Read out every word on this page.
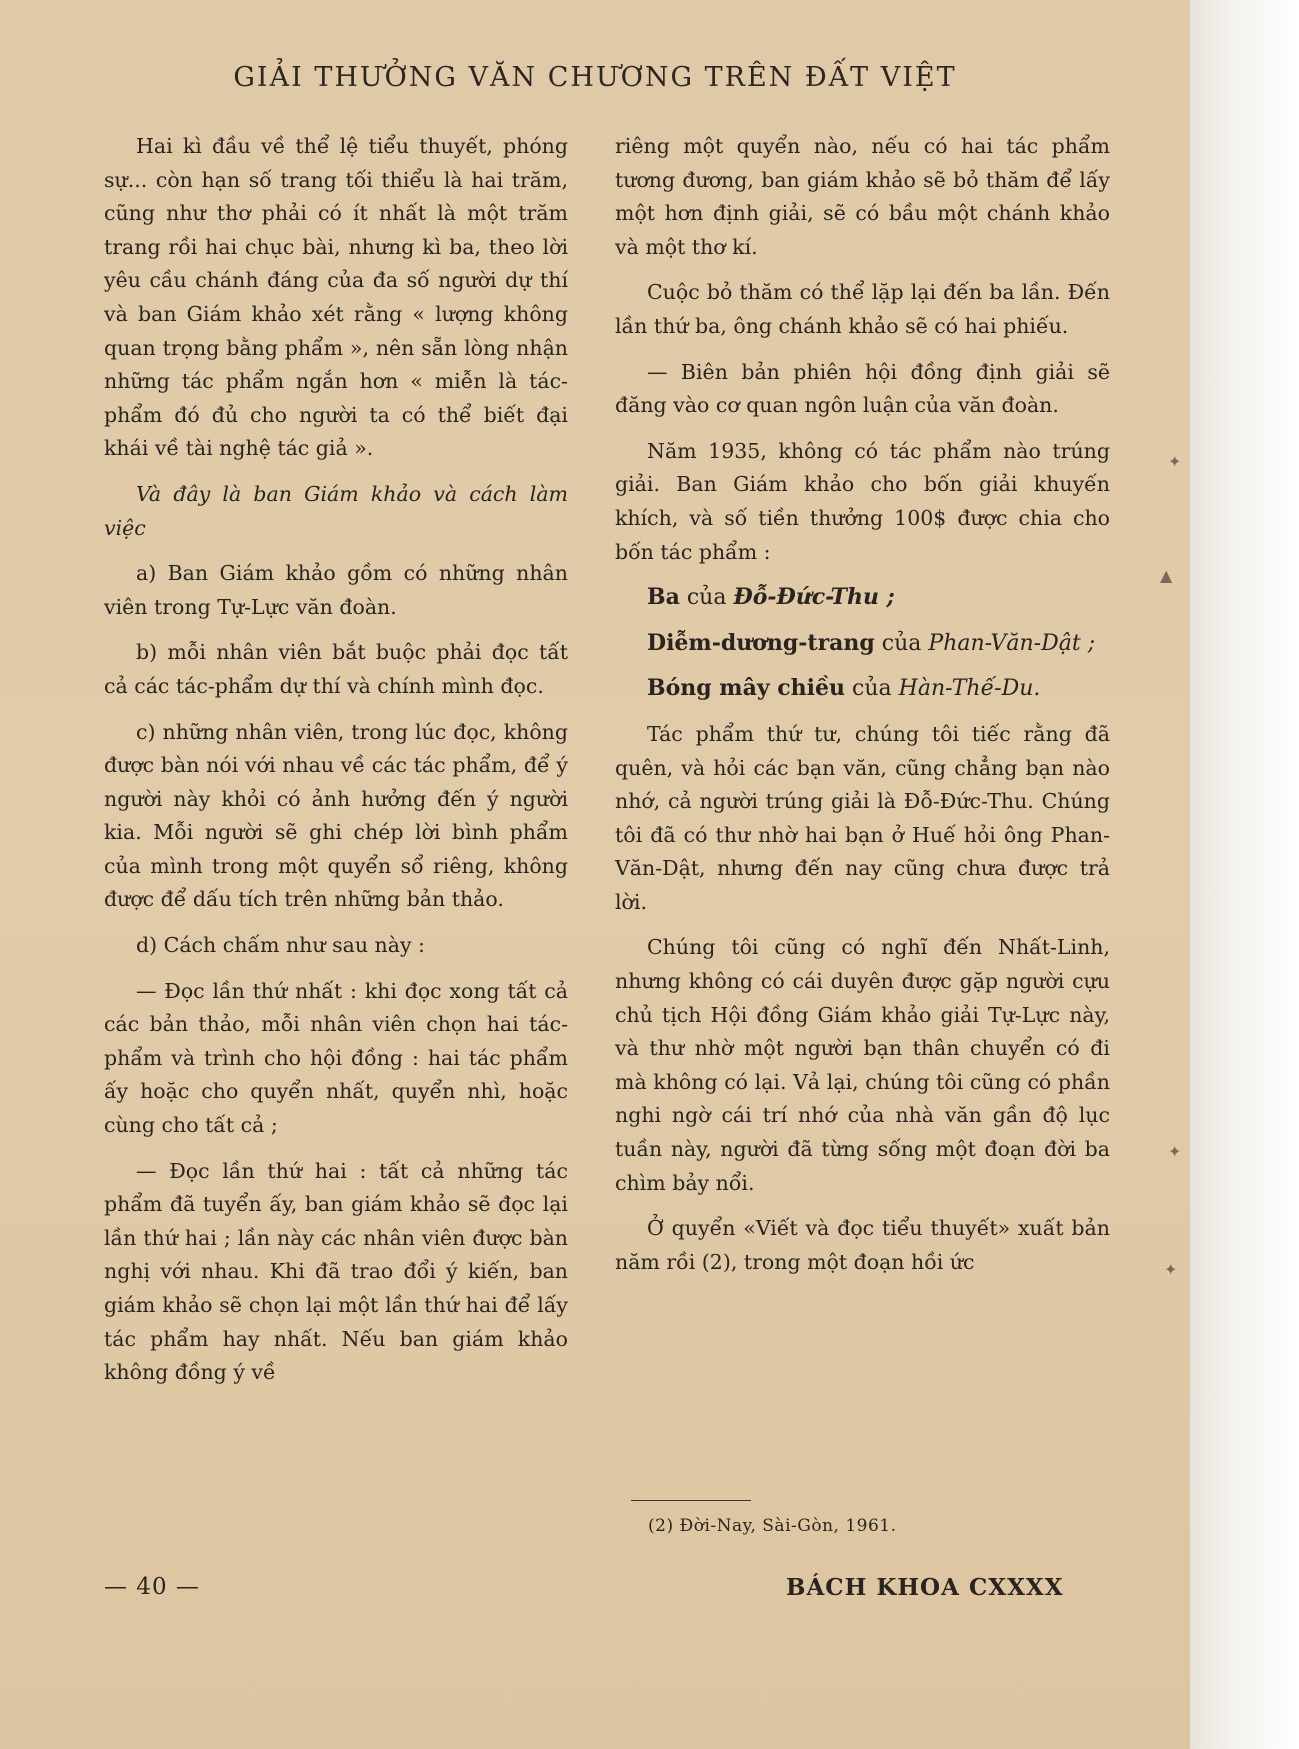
GIẢI THƯỞNG VĂN CHƯƠNG TRÊN ĐẤT VIỆT

Hai kì đầu về thể lệ tiểu thuyết, phóng sự... còn hạn số trang tối thiểu là hai trăm, cũng như thơ phải có ít nhất là một trăm trang rồi hai chục bài, nhưng kì ba, theo lời yêu cầu chánh đáng của đa số người dự thí và ban Giám khảo xét rằng « lượng không quan trọng bằng phẩm », nên sẵn lòng nhận những tác phẩm ngắn hơn « miễn là tác-phẩm đó đủ cho người ta có thể biết đại khái về tài nghệ tác giả ».

Và đây là ban Giám khảo và cách làm việc

a) Ban Giám khảo gồm có những nhân viên trong Tự-Lực văn đoàn.

b) mỗi nhân viên bắt buộc phải đọc tất cả các tác-phẩm dự thí và chính mình đọc.

c) những nhân viên, trong lúc đọc, không được bàn nói với nhau về các tác phẩm, để ý người này khỏi có ảnh hưởng đến ý người kia. Mỗi người sẽ ghi chép lời bình phẩm của mình trong một quyển sổ riêng, không được để dấu tích trên những bản thảo.

d) Cách chấm như sau này :

— Đọc lần thứ nhất : khi đọc xong tất cả các bản thảo, mỗi nhân viên chọn hai tác-phẩm và trình cho hội đồng : hai tác phẩm ấy hoặc cho quyển nhất, quyển nhì, hoặc cùng cho tất cả ;

— Đọc lần thứ hai : tất cả những tác phẩm đã tuyển ấy, ban giám khảo sẽ đọc lại lần thứ hai ; lần này các nhân viên được bàn nghị với nhau. Khi đã trao đổi ý kiến, ban giám khảo sẽ chọn lại một lần thứ hai để lấy tác phẩm hay nhất. Nếu ban giám khảo không đồng ý về

riêng một quyển nào, nếu có hai tác phẩm tương đương, ban giám khảo sẽ bỏ thăm để lấy một hơn định giải, sẽ có bầu một chánh khảo và một thơ kí.

Cuộc bỏ thăm có thể lặp lại đến ba lần. Đến lần thứ ba, ông chánh khảo sẽ có hai phiếu.

— Biên bản phiên hội đồng định giải sẽ đăng vào cơ quan ngôn luận của văn đoàn.

Năm 1935, không có tác phẩm nào trúng giải. Ban Giám khảo cho bốn giải khuyến khích, và số tiền thưởng 100$ được chia cho bốn tác phẩm :

Ba của Đỗ-Đức-Thu ;

Diễm-dương-trang của Phan-Văn-Dật ;

Bóng mây chiều của Hàn-Thế-Du.

Tác phẩm thứ tư, chúng tôi tiếc rằng đã quên, và hỏi các bạn văn, cũng chẳng bạn nào nhớ, cả người trúng giải là Đỗ-Đức-Thu. Chúng tôi đã có thư nhờ hai bạn ở Huế hỏi ông Phan-Văn-Dật, nhưng đến nay cũng chưa được trả lời.

Chúng tôi cũng có nghĩ đến Nhất-Linh, nhưng không có cái duyên được gặp người cựu chủ tịch Hội đồng Giám khảo giải Tự-Lực này, và thư nhờ một người bạn thân chuyển có đi mà không có lại. Vả lại, chúng tôi cũng có phần nghi ngờ cái trí nhớ của nhà văn gần độ lục tuần này, người đã từng sống một đoạn đời ba chìm bảy nổi.

Ở quyển «Viết và đọc tiểu thuyết» xuất bản năm rồi (2), trong một đoạn hồi ức

(2) Đời-Nay, Sài-Gòn, 1961.
— 40 —	BÁCH KHOA CXXXX
✦
▲
✦
✦
